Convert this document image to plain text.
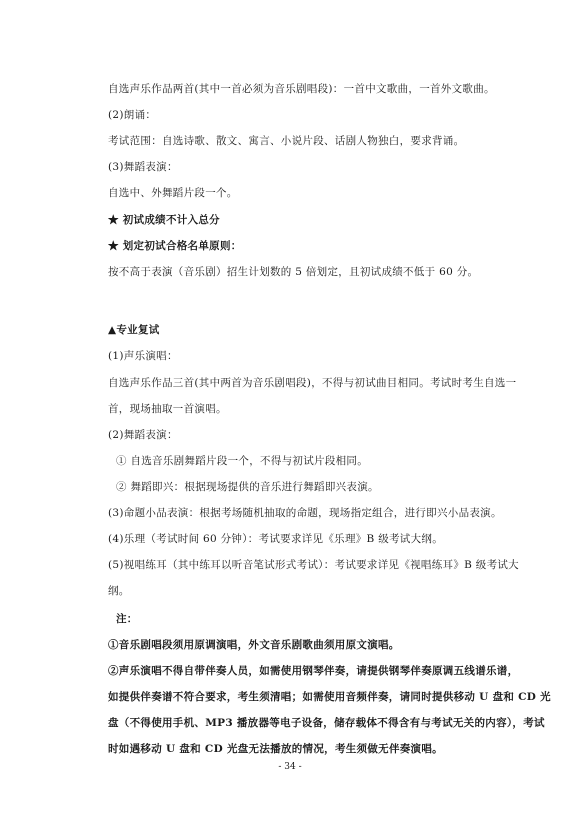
自选声乐作品两首(其中一首必须为音乐剧唱段)：一首中文歌曲，一首外文歌曲。
(2)朗诵：
考试范围：自选诗歌、散文、寓言、小说片段、话剧人物独白，要求背诵。
(3)舞蹈表演：
自选中、外舞蹈片段一个。
★ 初试成绩不计入总分
★ 划定初试合格名单原则：
按不高于表演（音乐剧）招生计划数的 5 倍划定，且初试成绩不低于 60 分。
▲专业复试
(1)声乐演唱：
自选声乐作品三首(其中两首为音乐剧唱段)，不得与初试曲目相同。考试时考生自选一
首，现场抽取一首演唱。
(2)舞蹈表演：
① 自选音乐剧舞蹈片段一个，不得与初试片段相同。
② 舞蹈即兴：根据现场提供的音乐进行舞蹈即兴表演。
(3)命题小品表演：根据考场随机抽取的命题，现场指定组合，进行即兴小品表演。
(4)乐理（考试时间 60 分钟）：考试要求详见《乐理》B 级考试大纲。
(5)视唱练耳（其中练耳以听音笔试形式考试）：考试要求详见《视唱练耳》B 级考试大
纲。
注：
①音乐剧唱段须用原调演唱，外文音乐剧歌曲须用原文演唱。
②声乐演唱不得自带伴奏人员，如需使用钢琴伴奏，请提供钢琴伴奏原调五线谱乐谱，
如提供伴奏谱不符合要求，考生须清唱；如需使用音频伴奏，请同时提供移动 U 盘和 CD 光
盘（不得使用手机、MP3 播放器等电子设备，储存载体不得含有与考试无关的内容），考试
时如遇移动 U 盘和 CD 光盘无法播放的情况，考生须做无伴奏演唱。
- 34 -
